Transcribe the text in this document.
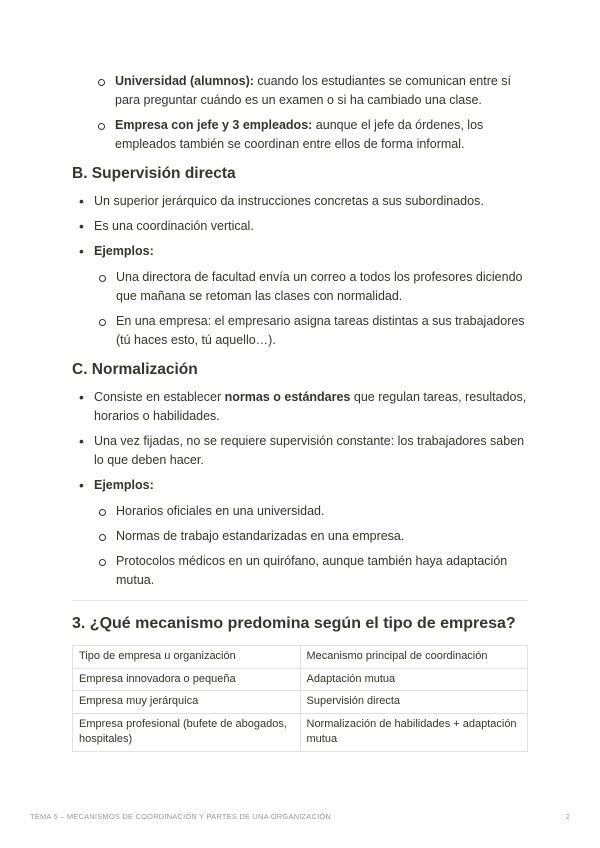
Universidad (alumnos): cuando los estudiantes se comunican entre sí para preguntar cuándo es un examen o si ha cambiado una clase.
Empresa con jefe y 3 empleados: aunque el jefe da órdenes, los empleados también se coordinan entre ellos de forma informal.
B. Supervisión directa
• Un superior jerárquico da instrucciones concretas a sus subordinados.
• Es una coordinación vertical.
• Ejemplos:
Una directora de facultad envía un correo a todos los profesores diciendo que mañana se retoman las clases con normalidad.
En una empresa: el empresario asigna tareas distintas a sus trabajadores (tú haces esto, tú aquello…).
C. Normalización
• Consiste en establecer normas o estándares que regulan tareas, resultados, horarios o habilidades.
• Una vez fijadas, no se requiere supervisión constante: los trabajadores saben lo que deben hacer.
• Ejemplos:
Horarios oficiales en una universidad.
Normas de trabajo estandarizadas en una empresa.
Protocolos médicos en un quirófano, aunque también haya adaptación mutua.
3. ¿Qué mecanismo predomina según el tipo de empresa?
Tipo de empresa u organización	Mecanismo principal de coordinación
Empresa innovadora o pequeña	Adaptación mutua
Empresa muy jerárquica	Supervisión directa
Empresa profesional (bufete de abogados, hospitales)	Normalización de habilidades + adaptación mutua
TEMA 5 – MECANISMOS DE COORDINACIÓN Y PARTES DE UNA ORGANIZACIÓN	2
